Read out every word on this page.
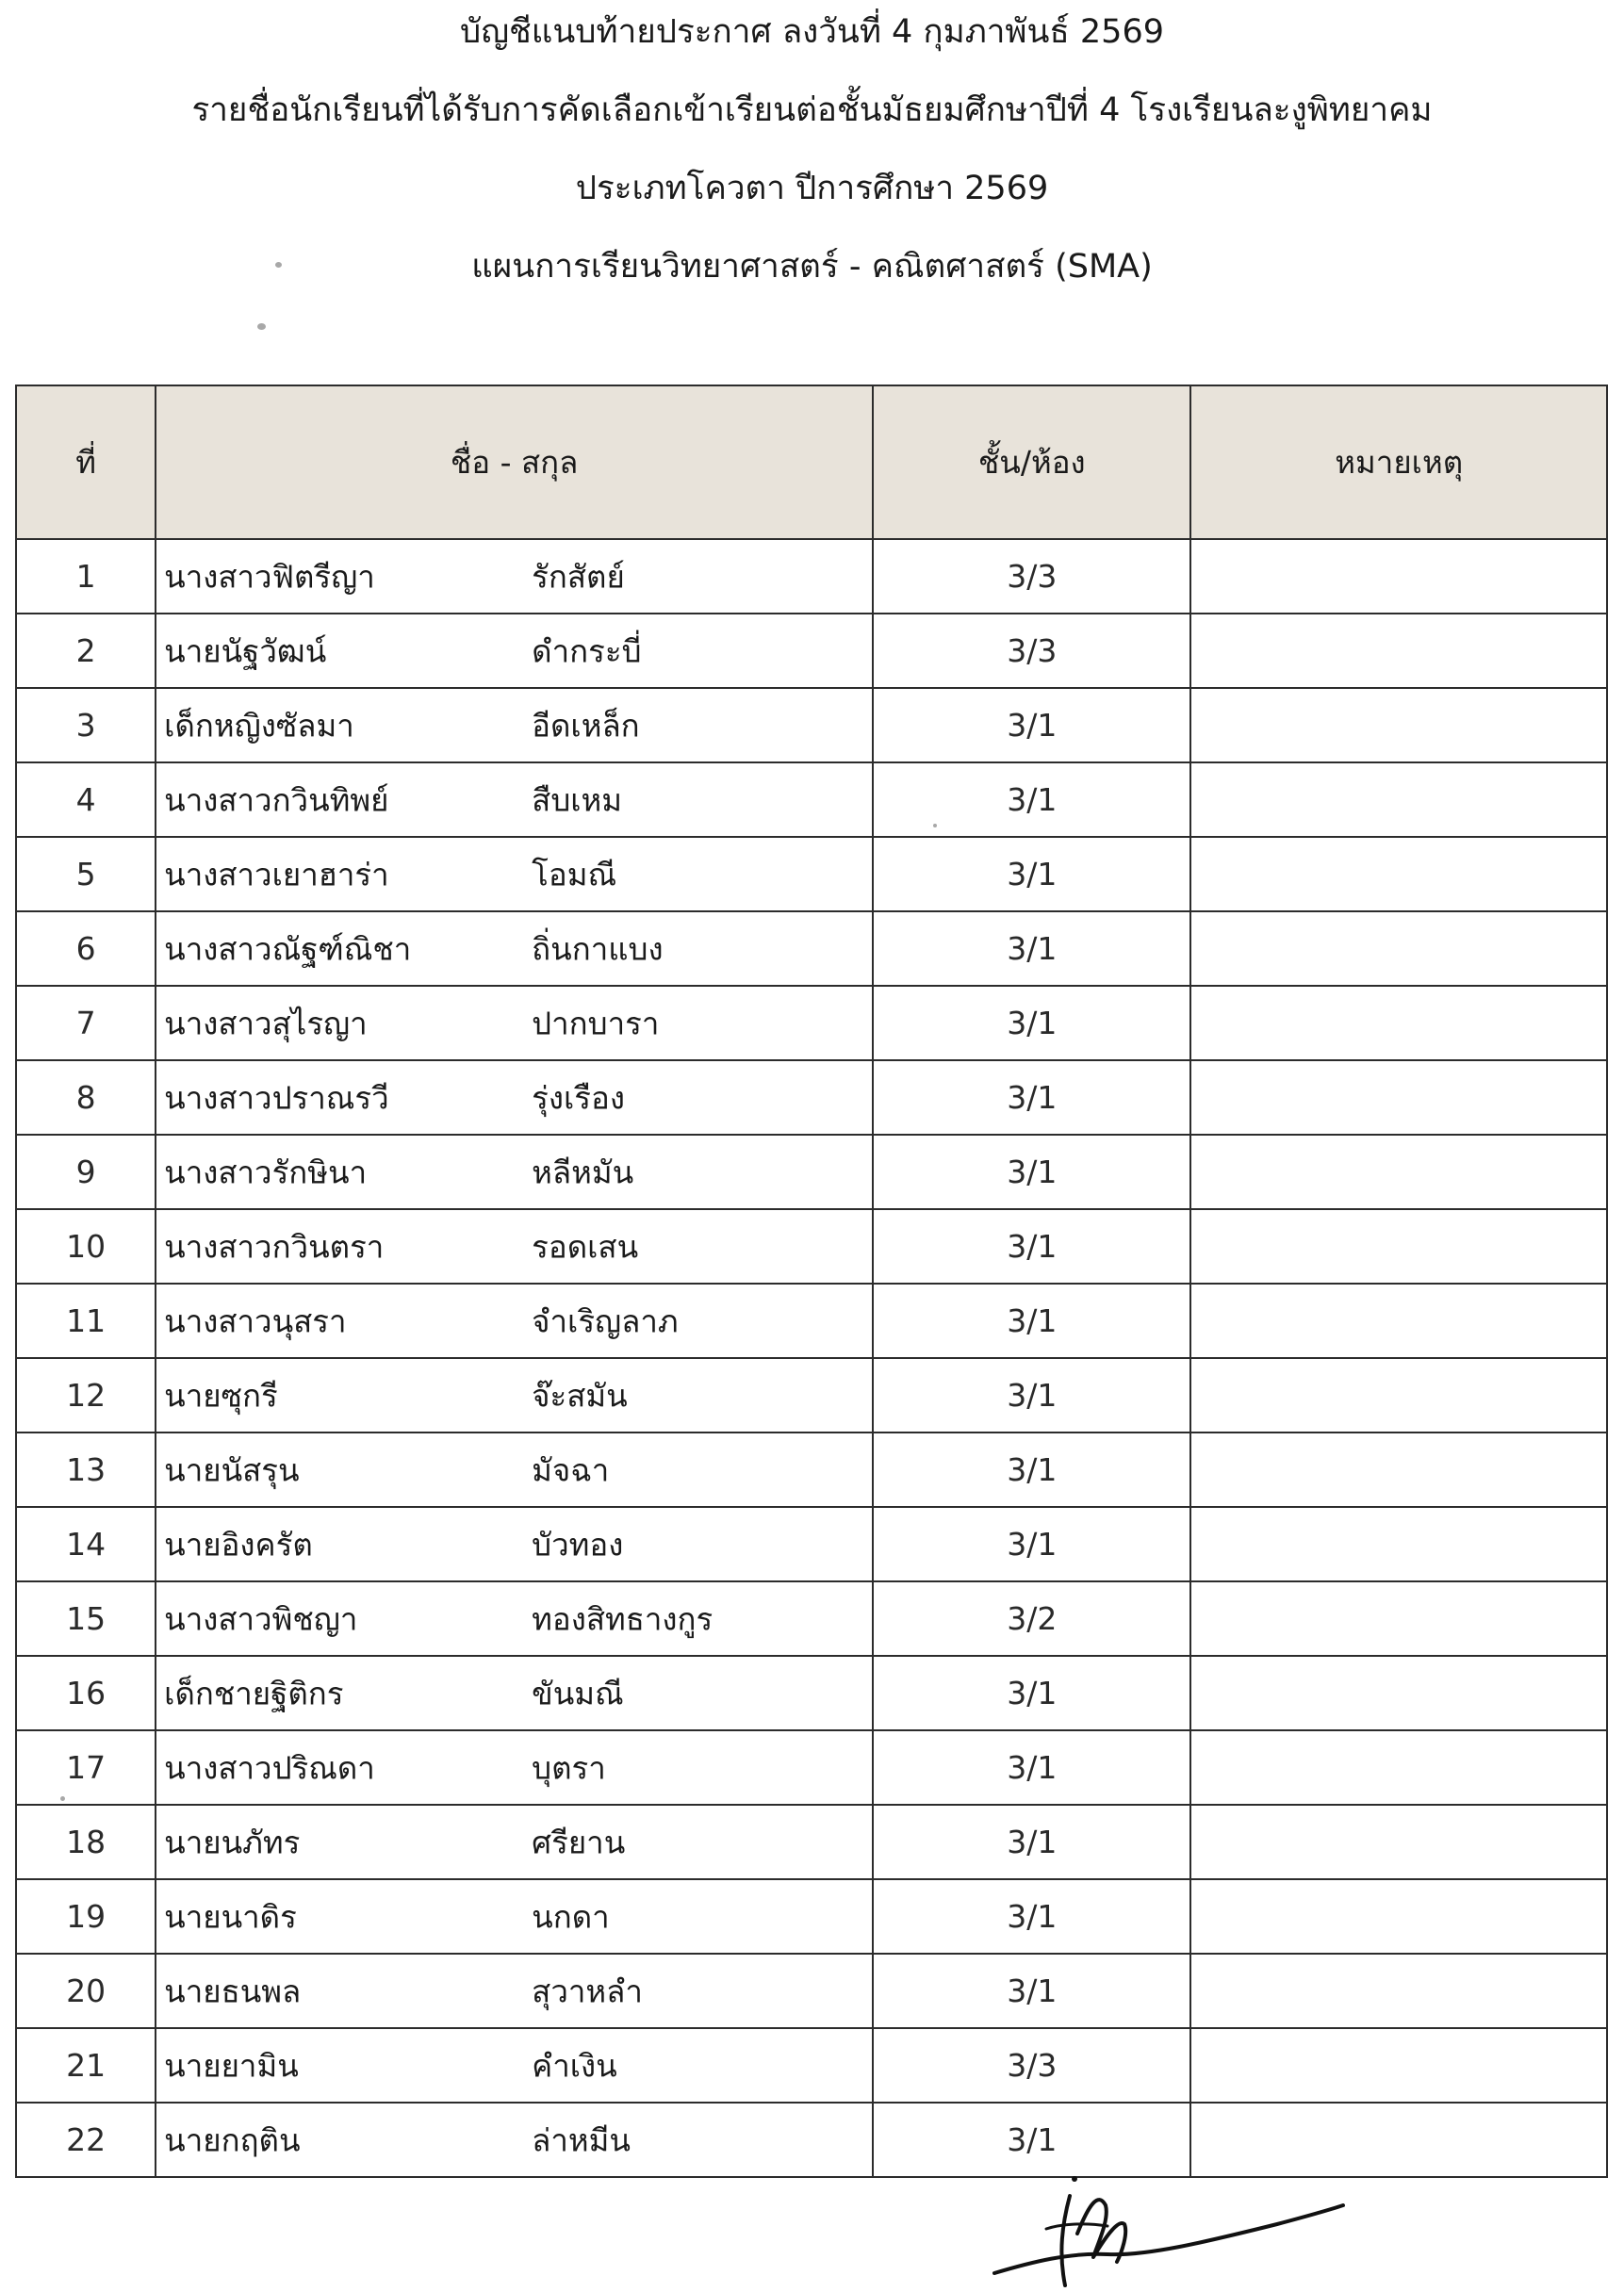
บัญชีแนบท้ายประกาศ ลงวันที่ 4 กุมภาพันธ์ 2569
รายชื่อนักเรียนที่ได้รับการคัดเลือกเข้าเรียนต่อชั้นมัธยมศึกษาปีที่ 4 โรงเรียนละงูพิทยาคม
ประเภทโควตา ปีการศึกษา 2569
แผนการเรียนวิทยาศาสตร์ - คณิตศาสตร์ (SMA)
ที่	ชื่อ - สกุล	ชั้น/ห้อง	หมายเหตุ
1	นางสาวฟิตรีญา รักสัตย์	3/3	
2	นายนัฐวัฒน์ ดำกระบี่	3/3	
3	เด็กหญิงซัลมา อีดเหล็ก	3/1	
4	นางสาวกวินทิพย์ สืบเหม	3/1	
5	นางสาวเยาฮาร่า โอมณี	3/1	
6	นางสาวณัฐฑ์ณิชา ถิ่นกาแบง	3/1	
7	นางสาวสุไรญา ปากบารา	3/1	
8	นางสาวปราณรวี รุ่งเรือง	3/1	
9	นางสาวรักษินา หลีหมัน	3/1	
10	นางสาวกวินตรา รอดเสน	3/1	
11	นางสาวนุสรา จำเริญลาภ	3/1	
12	นายซุกรี จ๊ะสมัน	3/1	
13	นายนัสรุน มัจฉา	3/1	
14	นายอิงครัต บัวทอง	3/1	
15	นางสาวพิชญา ทองสิทธางกูร	3/2	
16	เด็กชายฐิติกร ขันมณี	3/1	
17	นางสาวปริณดา บุตรา	3/1	
18	นายนภัทร ศรียาน	3/1	
19	นายนาดิร นกดา	3/1	
20	นายธนพล สุวาหลำ	3/1	
21	นายยามิน คำเงิน	3/3	
22	นายกฤติน ล่าหมีน	3/1	
